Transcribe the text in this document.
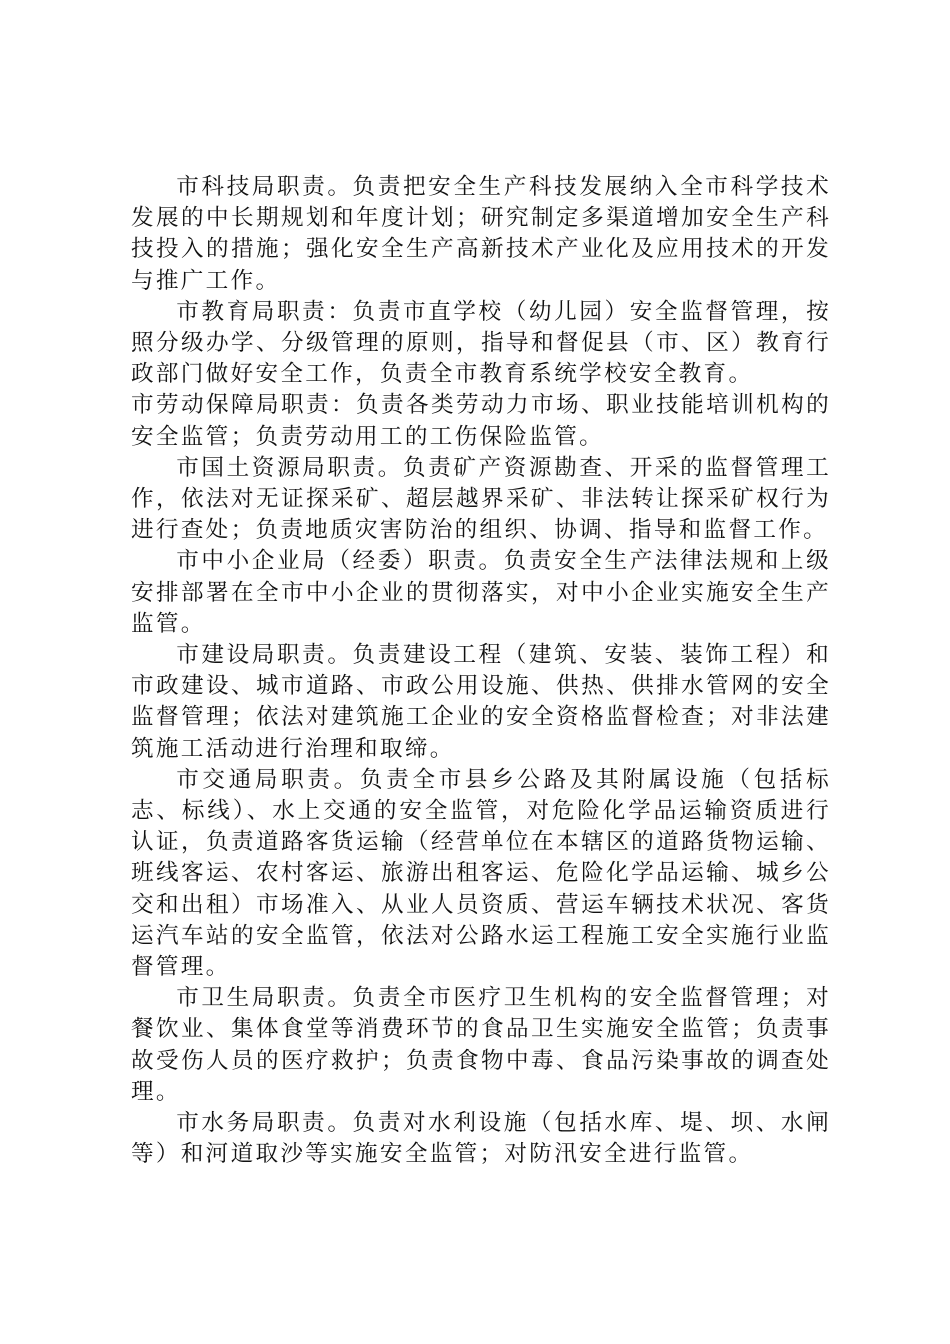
市科技局职责。负责把安全生产科技发展纳入全市科学技术发展的中长期规划和年度计划；研究制定多渠道增加安全生产科技投入的措施；强化安全生产高新技术产业化及应用技术的开发与推广工作。

市教育局职责：负责市直学校（幼儿园）安全监督管理，按照分级办学、分级管理的原则，指导和督促县（市、区）教育行政部门做好安全工作，负责全市教育系统学校安全教育。

市劳动保障局职责：负责各类劳动力市场、职业技能培训机构的安全监管；负责劳动用工的工伤保险监管。

市国土资源局职责。负责矿产资源勘查、开采的监督管理工作，依法对无证探采矿、超层越界采矿、非法转让探采矿权行为进行查处；负责地质灾害防治的组织、协调、指导和监督工作。

市中小企业局（经委）职责。负责安全生产法律法规和上级安排部署在全市中小企业的贯彻落实，对中小企业实施安全生产监管。

市建设局职责。负责建设工程（建筑、安装、装饰工程）和市政建设、城市道路、市政公用设施、供热、供排水管网的安全监督管理；依法对建筑施工企业的安全资格监督检查；对非法建筑施工活动进行治理和取缔。

市交通局职责。负责全市县乡公路及其附属设施（包括标志、标线）、水上交通的安全监管，对危险化学品运输资质进行认证，负责道路客货运输（经营单位在本辖区的道路货物运输、班线客运、农村客运、旅游出租客运、危险化学品运输、城乡公交和出租）市场准入、从业人员资质、营运车辆技术状况、客货运汽车站的安全监管，依法对公路水运工程施工安全实施行业监督管理。

市卫生局职责。负责全市医疗卫生机构的安全监督管理；对餐饮业、集体食堂等消费环节的食品卫生实施安全监管；负责事故受伤人员的医疗救护；负责食物中毒、食品污染事故的调查处理。

市水务局职责。负责对水利设施（包括水库、堤、坝、水闸等）和河道取沙等实施安全监管；对防汛安全进行监管。
